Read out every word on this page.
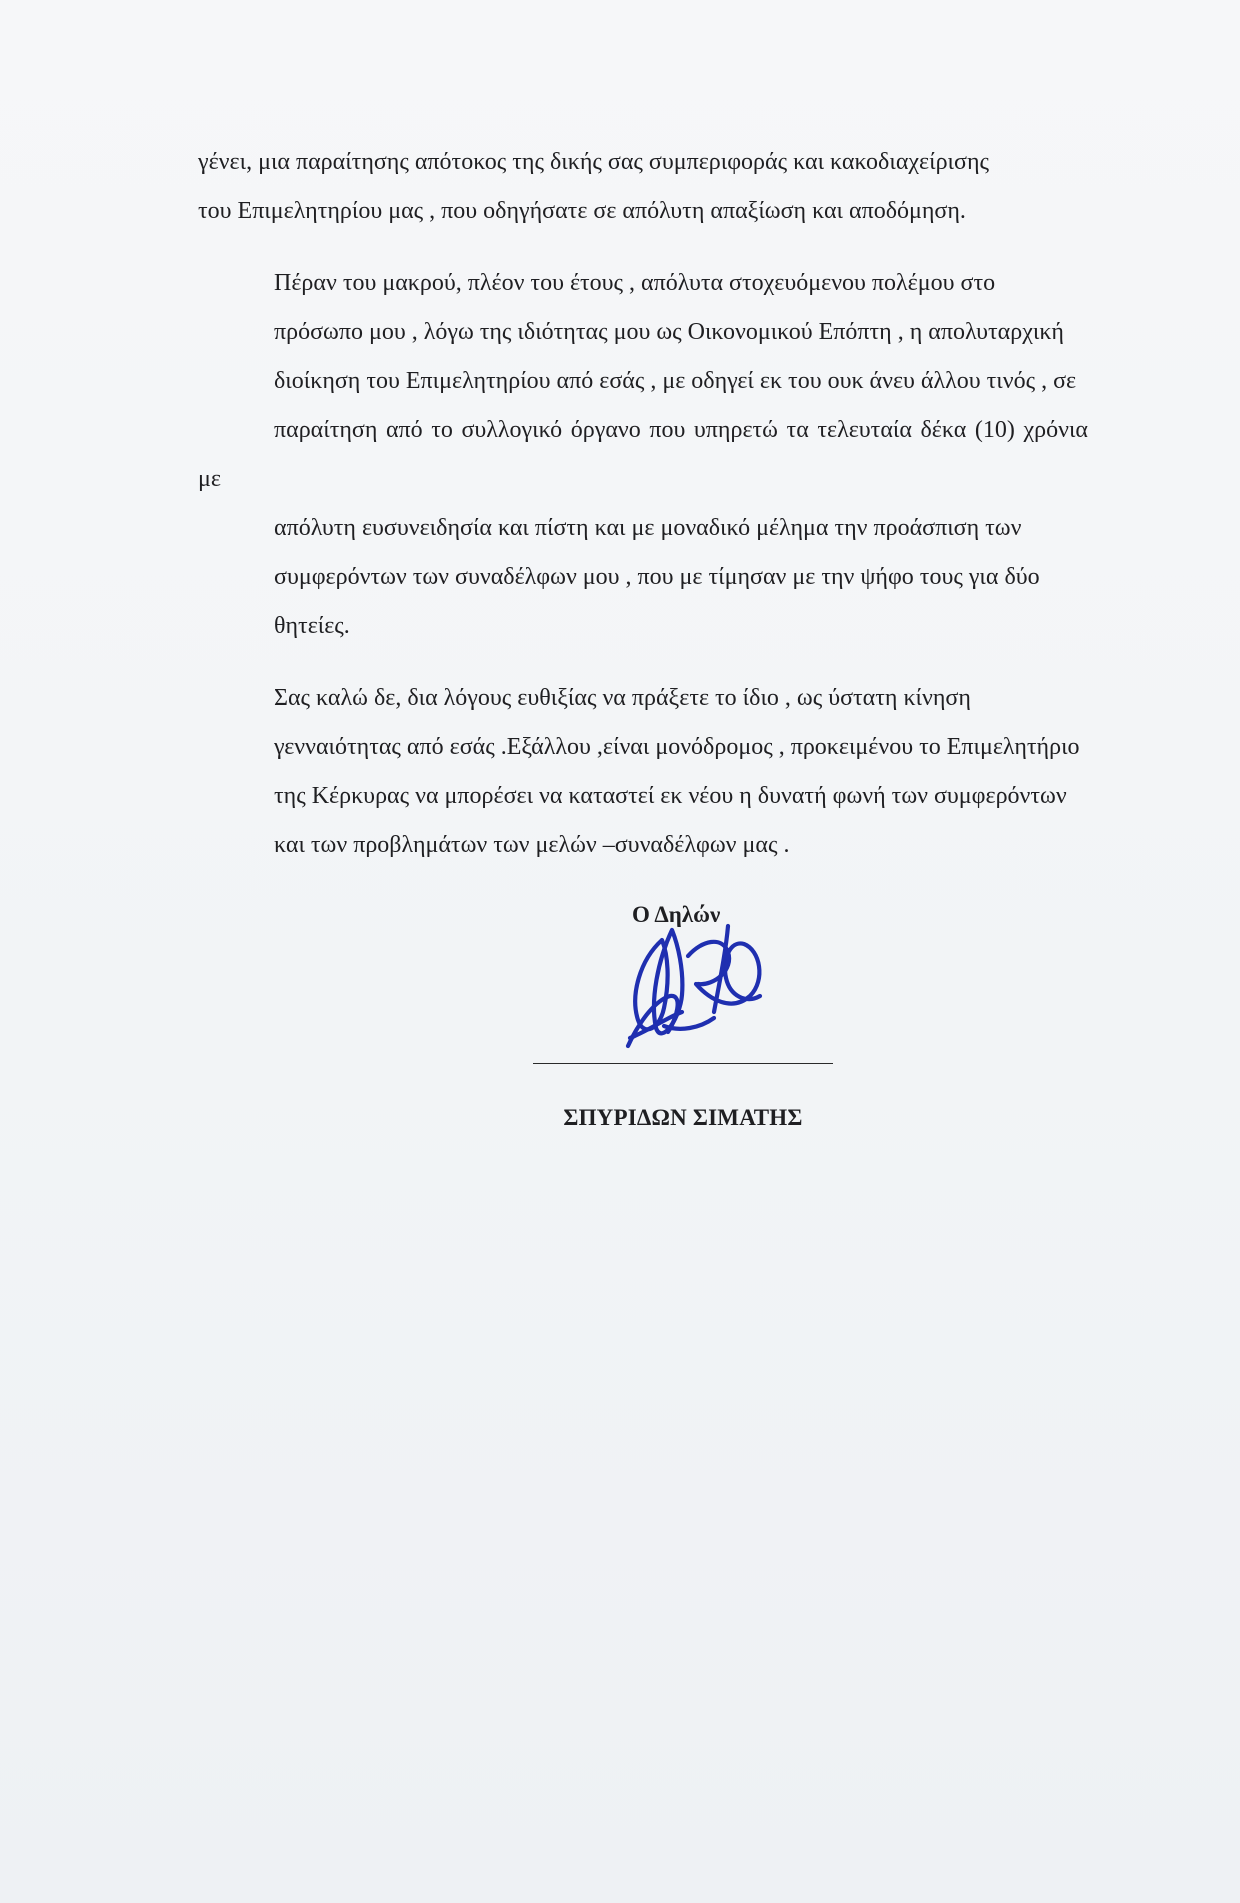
γένει, μια παραίτησης απότοκος της δικής σας συμπεριφοράς και κακοδιαχείρισης
του Επιμελητηρίου μας , που οδηγήσατε σε απόλυτη απαξίωση και αποδόμηση.

Πέραν του μακρού, πλέον του έτους , απόλυτα στοχευόμενου πολέμου στο
πρόσωπο μου , λόγω της ιδιότητας μου ως Οικονομικού Επόπτη , η απολυταρχική
διοίκηση του Επιμελητηρίου από εσάς , με οδηγεί εκ του ουκ άνευ άλλου τινός , σε
παραίτηση από το συλλογικό όργανο που υπηρετώ τα τελευταία δέκα (10) χρόνια με
απόλυτη ευσυνειδησία και πίστη και με μοναδικό μέλημα την προάσπιση των
συμφερόντων των συναδέλφων μου , που με τίμησαν με την ψήφο τους για δύο
θητείες.

Σας καλώ δε, δια λόγους ευθιξίας να πράξετε το ίδιο , ως ύστατη κίνηση
γενναιότητας από εσάς .Εξάλλου ,είναι μονόδρομος , προκειμένου το Επιμελητήριο
της Κέρκυρας να μπορέσει να καταστεί εκ νέου η δυνατή φωνή των συμφερόντων
και των προβλημάτων των μελών –συναδέλφων μας .

Ο Δηλών
ΣΠΥΡΙΔΩΝ ΣΙΜΑΤΗΣ
